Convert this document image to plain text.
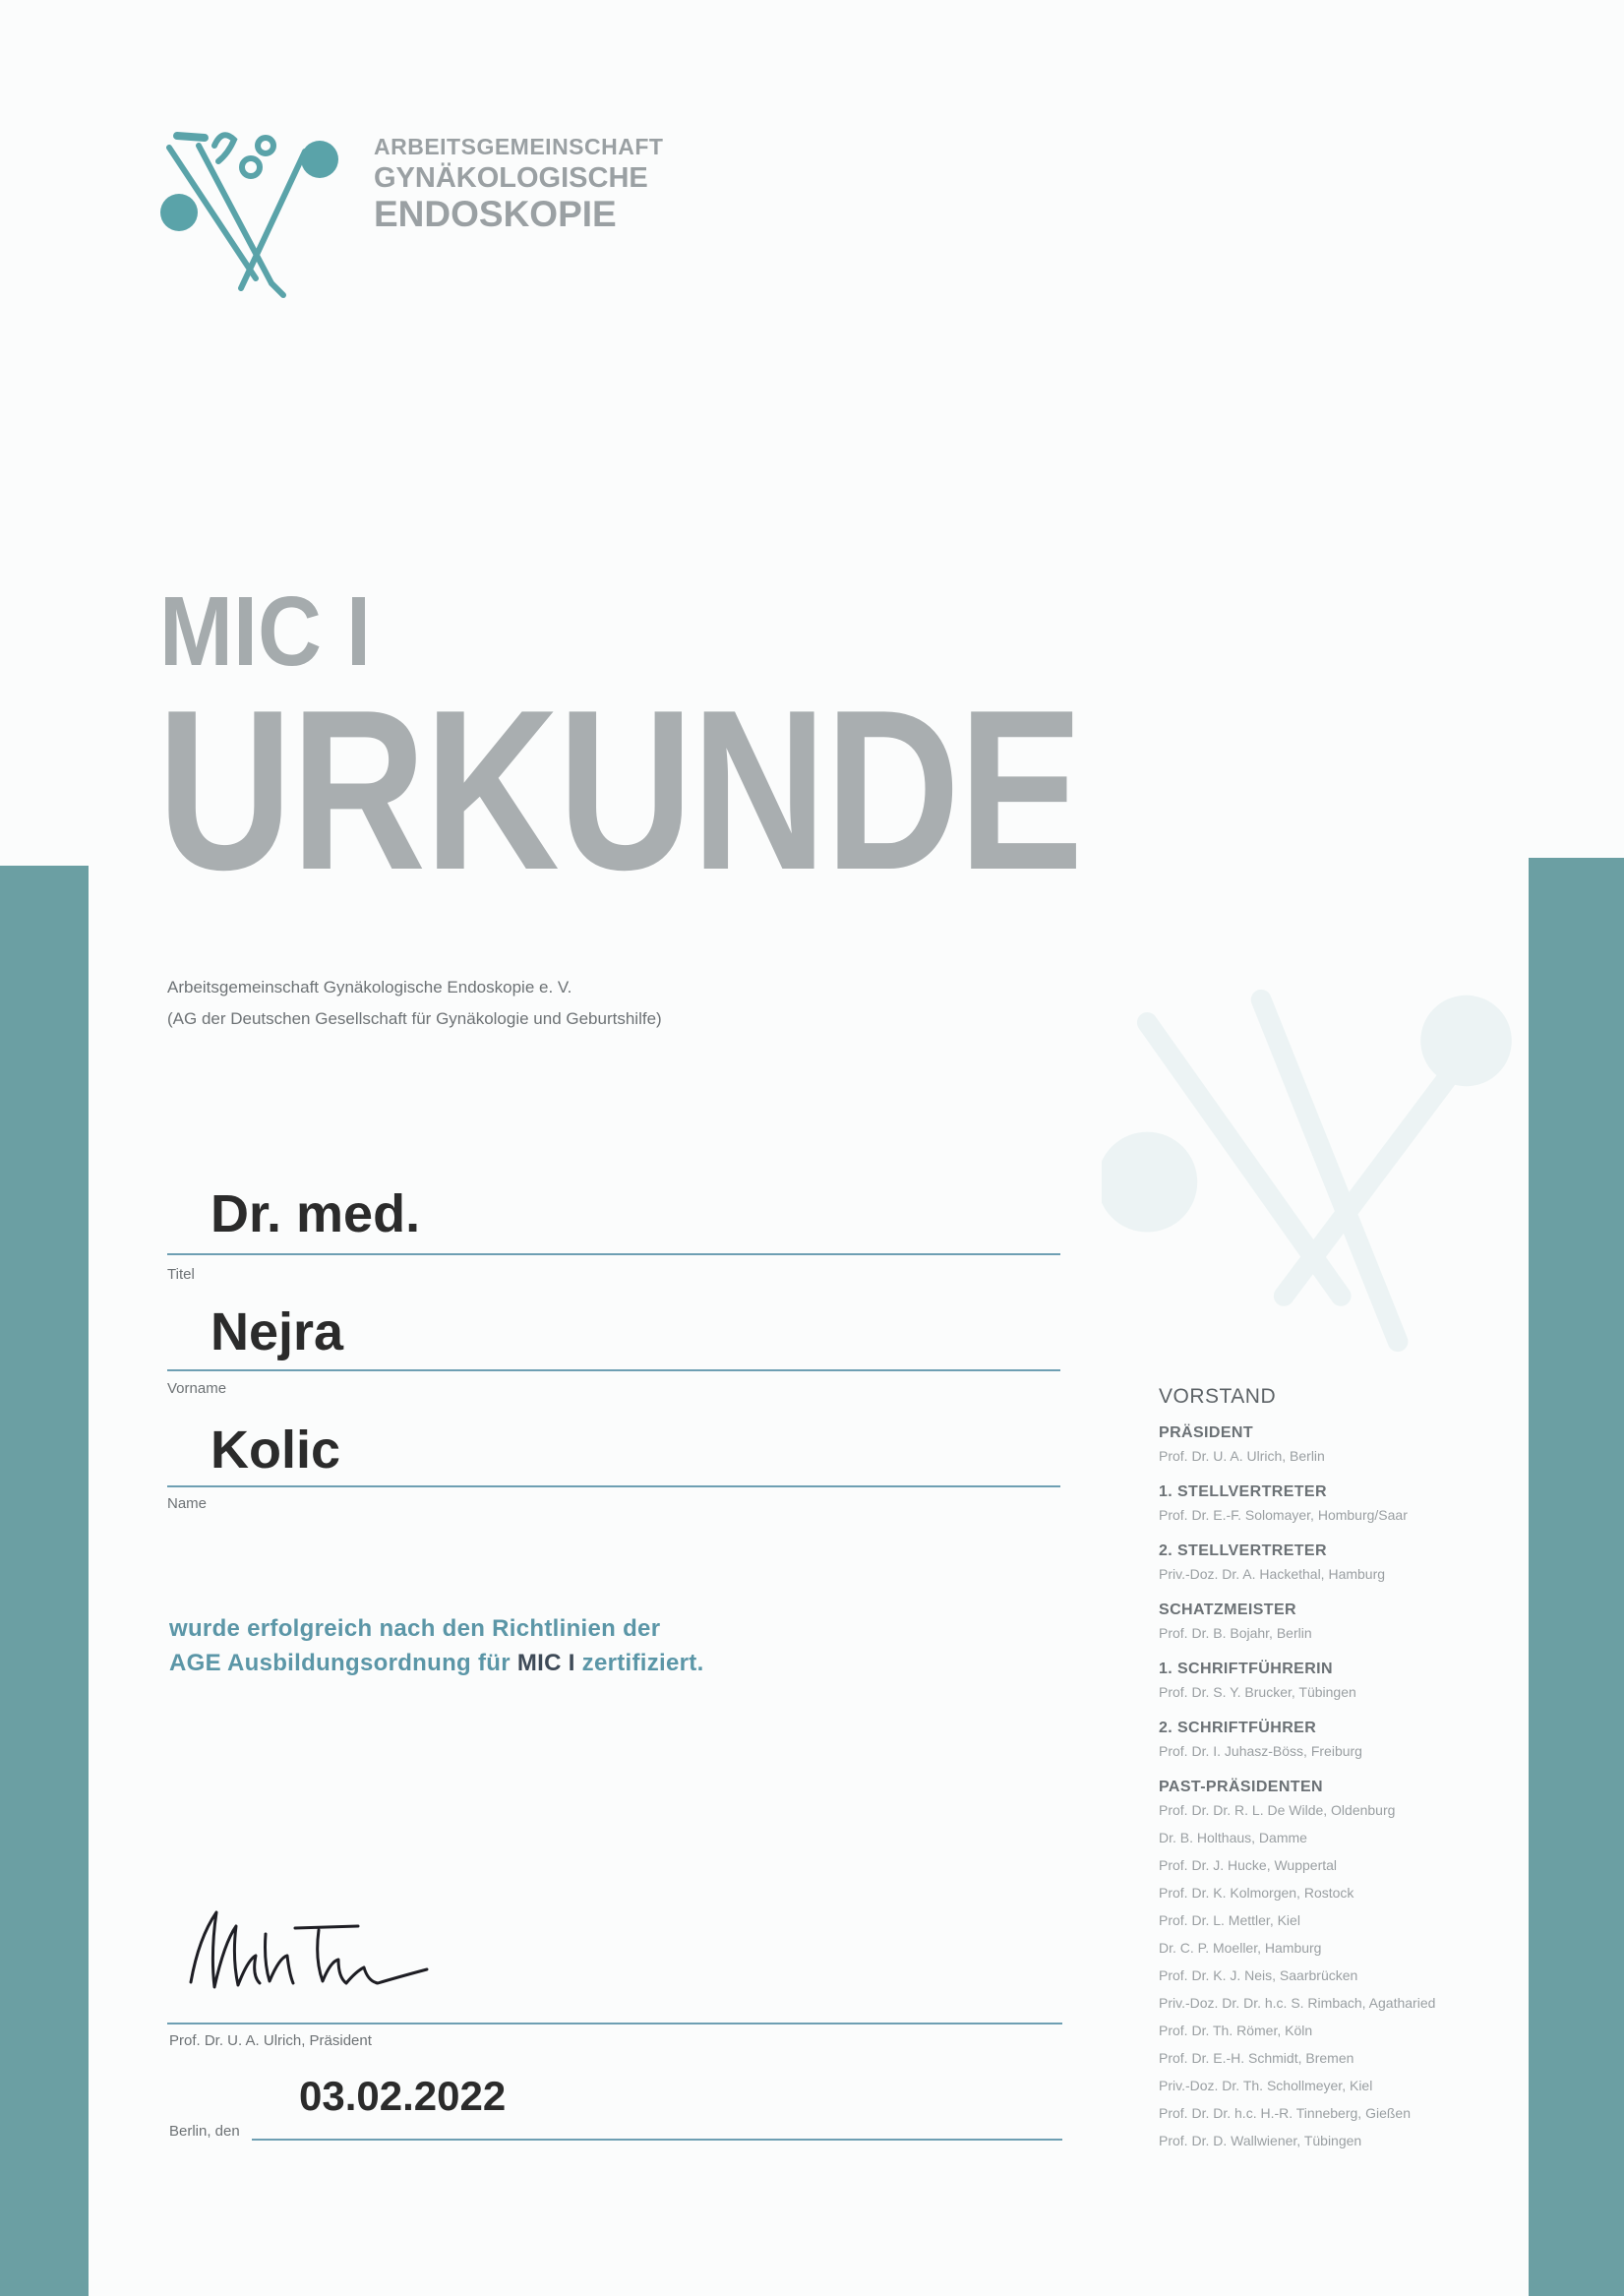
ARBEITSGEMEINSCHAFT
GYNÄKOLOGISCHE
ENDOSKOPIE
MIC I
URKUNDE
Arbeitsgemeinschaft Gynäkologische Endoskopie e. V.
(AG der Deutschen Gesellschaft für Gynäkologie und Geburtshilfe)
Dr. med.
Titel
Nejra
Vorname
Kolic
Name
wurde erfolgreich nach den Richtlinien der
AGE Ausbildungsordnung für MIC I zertifiziert.
Prof. Dr. U. A. Ulrich, Präsident
03.02.2022
Berlin, den
VORSTAND
PRÄSIDENT
Prof. Dr. U. A. Ulrich, Berlin
1. STELLVERTRETER
Prof. Dr. E.-F. Solomayer, Homburg/Saar
2. STELLVERTRETER
Priv.-Doz. Dr. A. Hackethal, Hamburg
SCHATZMEISTER
Prof. Dr. B. Bojahr, Berlin
1. SCHRIFTFÜHRERIN
Prof. Dr. S. Y. Brucker, Tübingen
2. SCHRIFTFÜHRER
Prof. Dr. I. Juhasz-Böss, Freiburg
PAST-PRÄSIDENTEN
Prof. Dr. Dr. R. L. De Wilde, Oldenburg
Dr. B. Holthaus, Damme
Prof. Dr. J. Hucke, Wuppertal
Prof. Dr. K. Kolmorgen, Rostock
Prof. Dr. L. Mettler, Kiel
Dr. C. P. Moeller, Hamburg
Prof. Dr. K. J. Neis, Saarbrücken
Priv.-Doz. Dr. Dr. h.c. S. Rimbach, Agatharied
Prof. Dr. Th. Römer, Köln
Prof. Dr. E.-H. Schmidt, Bremen
Priv.-Doz. Dr. Th. Schollmeyer, Kiel
Prof. Dr. Dr. h.c. H.-R. Tinneberg, Gießen
Prof. Dr. D. Wallwiener, Tübingen
